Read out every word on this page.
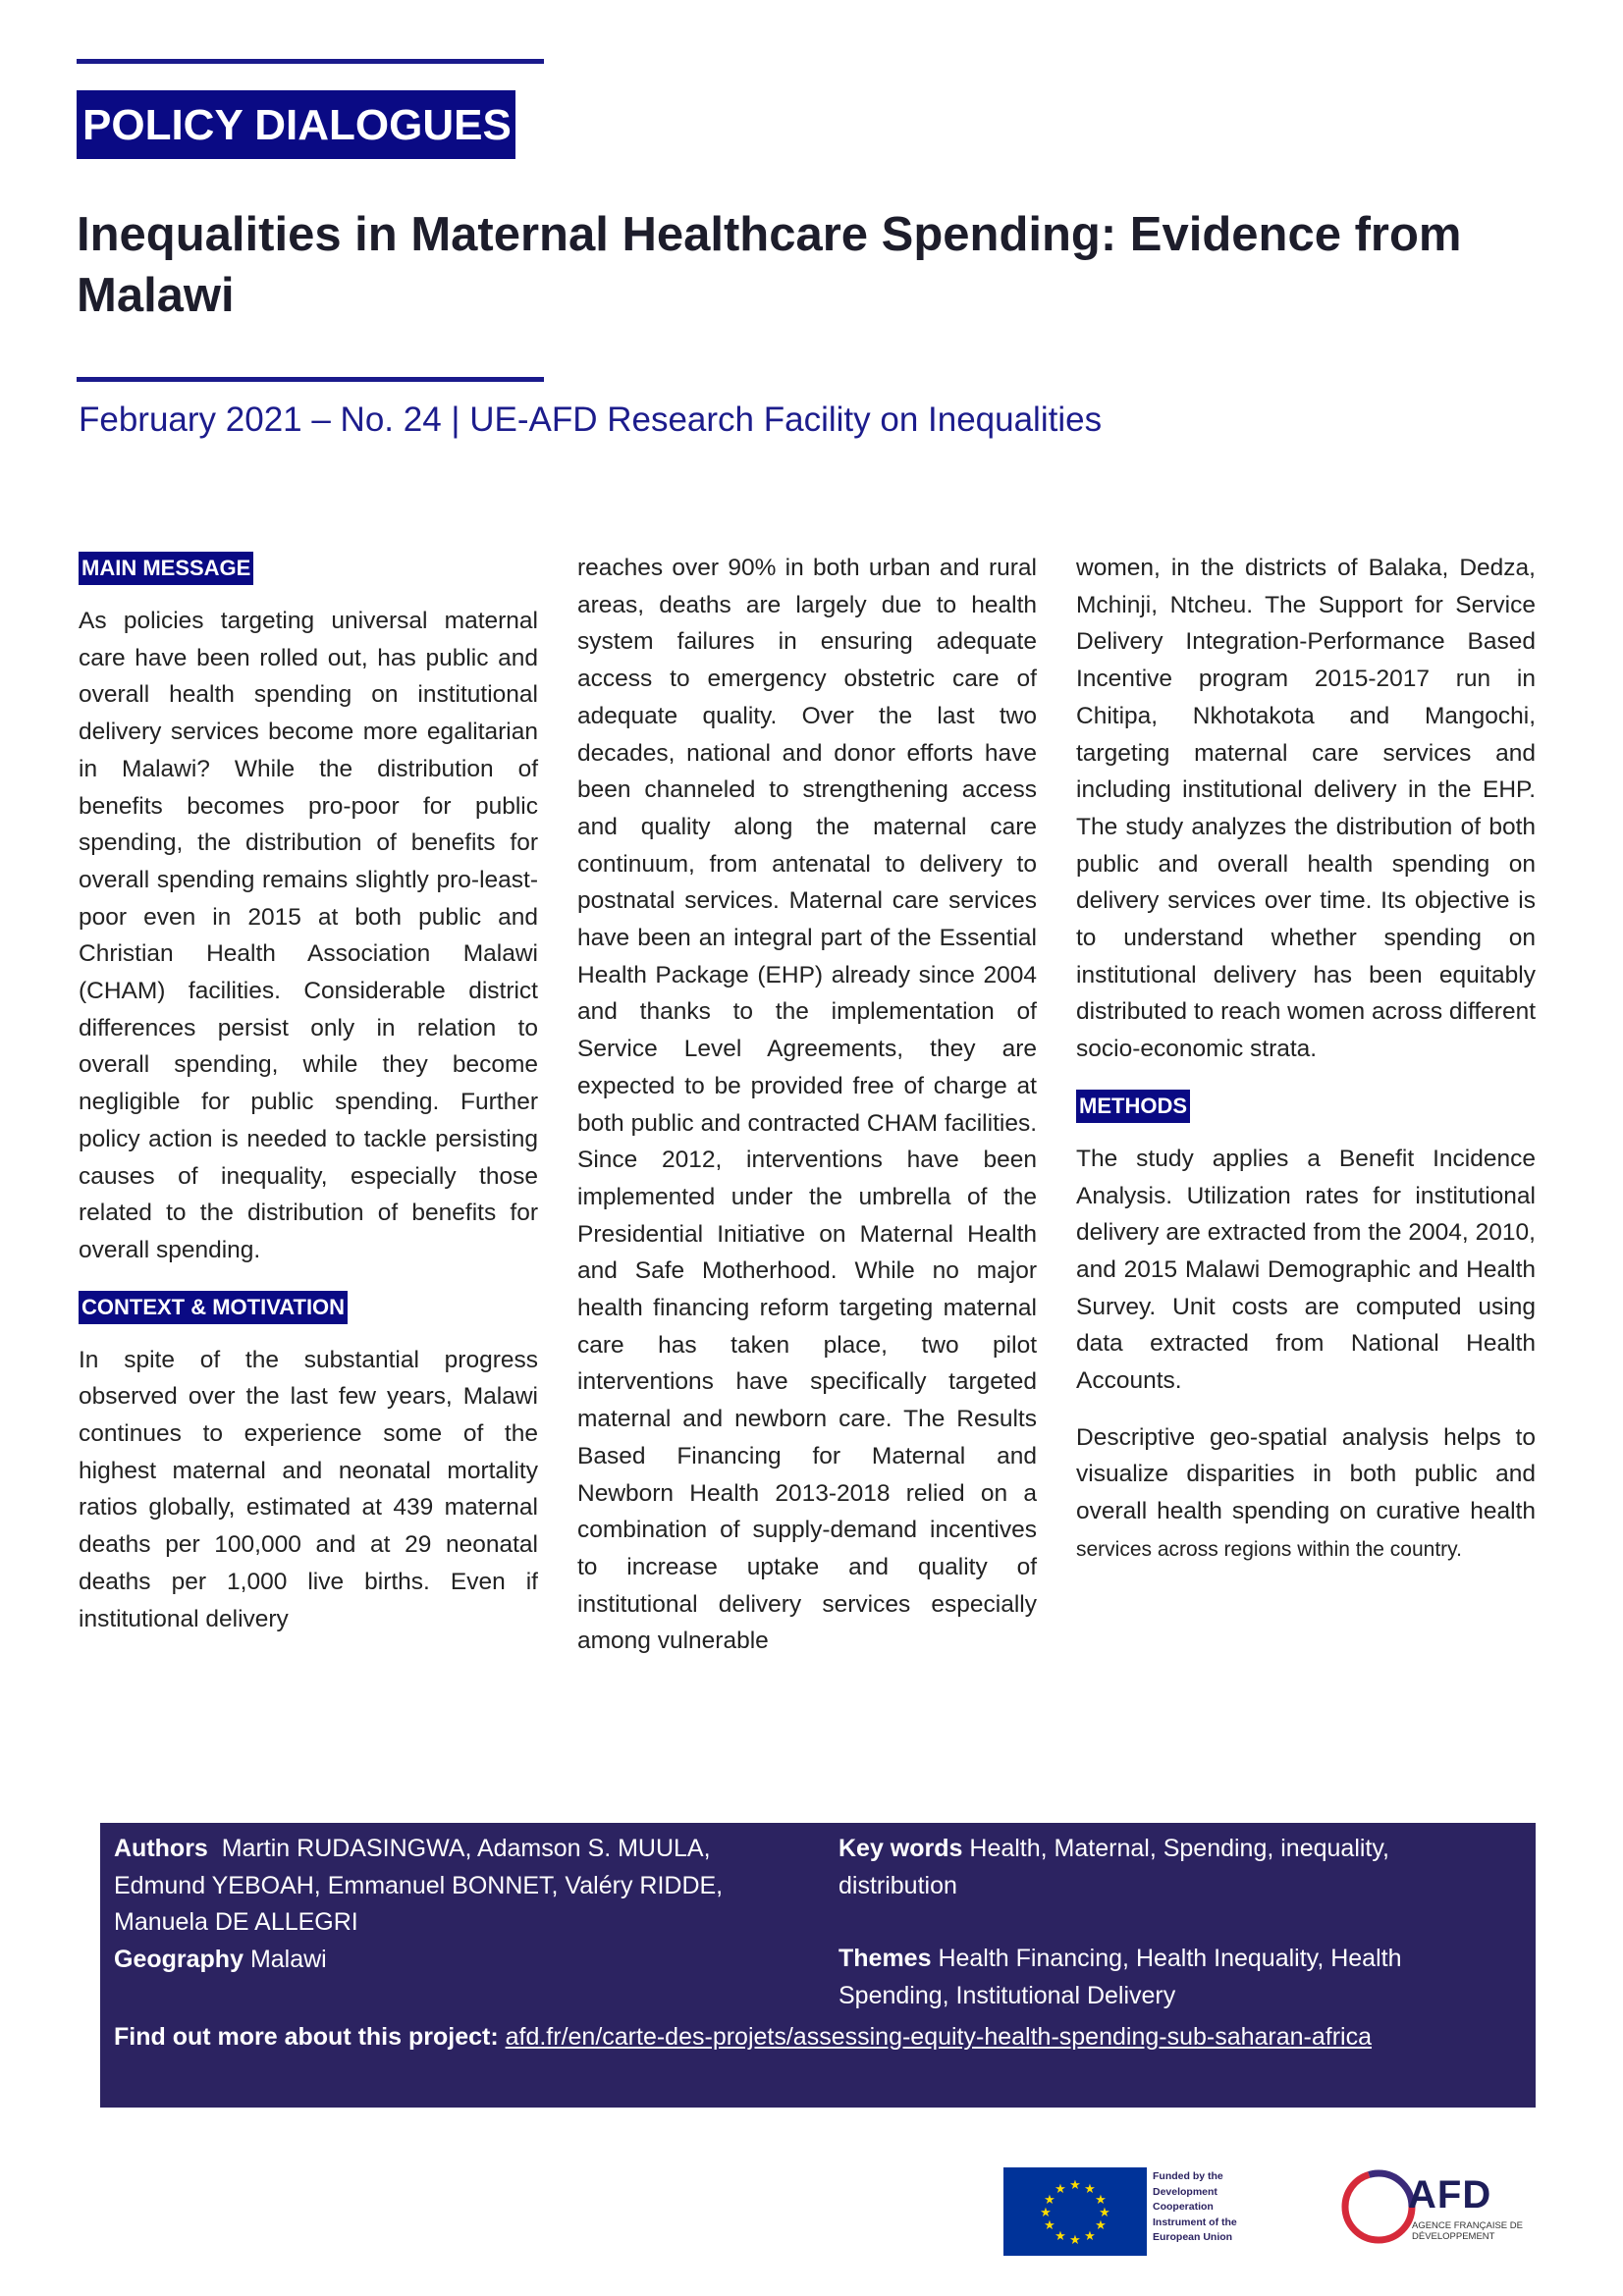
POLICY DIALOGUES
Inequalities in Maternal Healthcare Spending: Evidence from Malawi
February 2021 – No. 24 | UE-AFD Research Facility on Inequalities
MAIN MESSAGE

As policies targeting universal maternal care have been rolled out, has public and overall health spending on institutional delivery services become more egalitarian in Malawi? While the distribution of benefits becomes pro-poor for public spending, the distribution of benefits for overall spending remains slightly pro-least-poor even in 2015 at both public and Christian Health Association Malawi (CHAM) facilities. Considerable district differences persist only in relation to overall spending, while they become negligible for public spending. Further policy action is needed to tackle persisting causes of inequality, especially those related to the distribution of benefits for overall spending.

CONTEXT & MOTIVATION

In spite of the substantial progress observed over the last few years, Malawi continues to experience some of the highest maternal and neonatal mortality ratios globally, estimated at 439 maternal deaths per 100,000 and at 29 neonatal deaths per 1,000 live births. Even if institutional delivery

reaches over 90% in both urban and rural areas, deaths are largely due to health system failures in ensuring adequate access to emergency obstetric care of adequate quality. Over the last two decades, national and donor efforts have been channeled to strengthening access and quality along the maternal care continuum, from antenatal to delivery to postnatal services. Maternal care services have been an integral part of the Essential Health Package (EHP) already since 2004 and thanks to the implementation of Service Level Agreements, they are expected to be provided free of charge at both public and contracted CHAM facilities. Since 2012, interventions have been implemented under the umbrella of the Presidential Initiative on Maternal Health and Safe Motherhood. While no major health financing reform targeting maternal care has taken place, two pilot interventions have specifically targeted maternal and newborn care. The Results Based Financing for Maternal and Newborn Health 2013-2018 relied on a combination of supply-demand incentives to increase uptake and quality of institutional delivery services especially among vulnerable

women, in the districts of Balaka, Dedza, Mchinji, Ntcheu. The Support for Service Delivery Integration-Performance Based Incentive program 2015-2017 run in Chitipa, Nkhotakota and Mangochi, targeting maternal care services and including institutional delivery in the EHP. The study analyzes the distribution of both public and overall health spending on delivery services over time. Its objective is to understand whether spending on institutional delivery has been equitably distributed to reach women across different socio-economic strata.

METHODS

The study applies a Benefit Incidence Analysis. Utilization rates for institutional delivery are extracted from the 2004, 2010, and 2015 Malawi Demographic and Health Survey. Unit costs are computed using data extracted from National Health Accounts.

Descriptive geo-spatial analysis helps to visualize disparities in both public and overall health spending on curative health services across regions within the country.

Authors Martin RUDASINGWA, Adamson S. MUULA, Edmund YEBOAH, Emmanuel BONNET, Valéry RIDDE, Manuela DE ALLEGRI
Geography Malawi
Key words Health, Maternal, Spending, inequality, distribution
Themes Health Financing, Health Inequality, Health Spending, Institutional Delivery
Find out more about this project: afd.fr/en/carte-des-projets/assessing-equity-health-spending-sub-saharan-africa
★ ★
★
★
★
★
★
★
★
★
★
★
Funded by the Development Cooperation Instrument of the European Union
AFD
AGENCE FRANÇAISE DE DÉVELOPPEMENT
